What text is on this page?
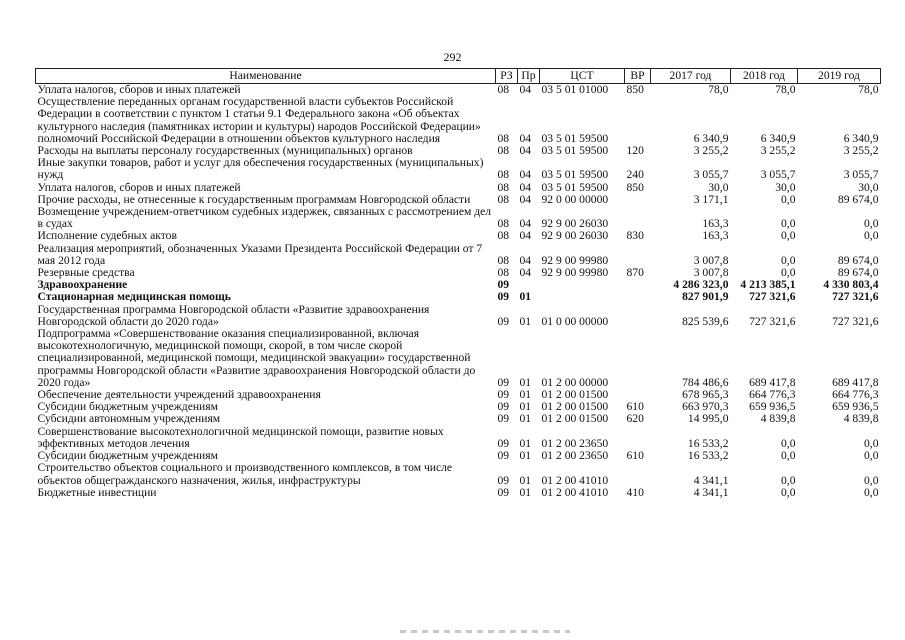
292
Наименование	РЗ	Пр	ЦСТ	ВР	2017 год	2018 год	2019 год
Уплата налогов, сборов и иных платежей	08	04	03 5 01 01000	850	78,0	78,0	78,0
Осуществление переданных органам государственной власти субъектов Российской Федерации в соответствии с пунктом 1 статьи 9.1 Федерального закона «Об объектах культурного наследия (памятниках истории и культуры) народов Российской Федерации» полномочий Российской Федерации в отношении объектов культурного наследия	08	04	03 5 01 59500		6 340,9	6 340,9	6 340,9
Расходы на выплаты персоналу государственных (муниципальных) органов	08	04	03 5 01 59500	120	3 255,2	3 255,2	3 255,2
Иные закупки товаров, работ и услуг для обеспечения государственных (муниципальных) нужд	08	04	03 5 01 59500	240	3 055,7	3 055,7	3 055,7
Уплата налогов, сборов и иных платежей	08	04	03 5 01 59500	850	30,0	30,0	30,0
Прочие расходы, не отнесенные к государственным программам Новгородской области	08	04	92 0 00 00000		3 171,1	0,0	89 674,0
Возмещение учреждением-ответчиком судебных издержек, связанных с рассмотрением дел в судах	08	04	92 9 00 26030		163,3	0,0	0,0
Исполнение судебных актов	08	04	92 9 00 26030	830	163,3	0,0	0,0
Реализация мероприятий, обозначенных Указами Президента Российской Федерации от 7 мая 2012 года	08	04	92 9 00 99980		3 007,8	0,0	89 674,0
Резервные средства	08	04	92 9 00 99980	870	3 007,8	0,0	89 674,0
Здравоохранение	09				4 286 323,0	4 213 385,1	4 330 803,4
Стационарная медицинская помощь	09	01			827 901,9	727 321,6	727 321,6
Государственная программа Новгородской области «Развитие здравоохранения Новгородской области до 2020 года»	09	01	01 0 00 00000		825 539,6	727 321,6	727 321,6
Подпрограмма «Совершенствование оказания специализированной, включая высокотехнологичную, медицинской помощи, скорой, в том числе скорой специализированной, медицинской помощи, медицинской эвакуации» государственной программы Новгородской области «Развитие здравоохранения Новгородской области до 2020 года»	09	01	01 2 00 00000		784 486,6	689 417,8	689 417,8
Обеспечение деятельности учреждений здравоохранения	09	01	01 2 00 01500		678 965,3	664 776,3	664 776,3
Субсидии бюджетным учреждениям	09	01	01 2 00 01500	610	663 970,3	659 936,5	659 936,5
Субсидии автономным учреждениям	09	01	01 2 00 01500	620	14 995,0	4 839,8	4 839,8
Совершенствование высокотехнологичной медицинской помощи, развитие новых эффективных методов лечения	09	01	01 2 00 23650		16 533,2	0,0	0,0
Субсидии бюджетным учреждениям	09	01	01 2 00 23650	610	16 533,2	0,0	0,0
Строительство объектов социального и производственного комплексов, в том числе объектов общегражданского назначения, жилья, инфраструктуры	09	01	01 2 00 41010		4 341,1	0,0	0,0
Бюджетные инвестиции	09	01	01 2 00 41010	410	4 341,1	0,0	0,0
